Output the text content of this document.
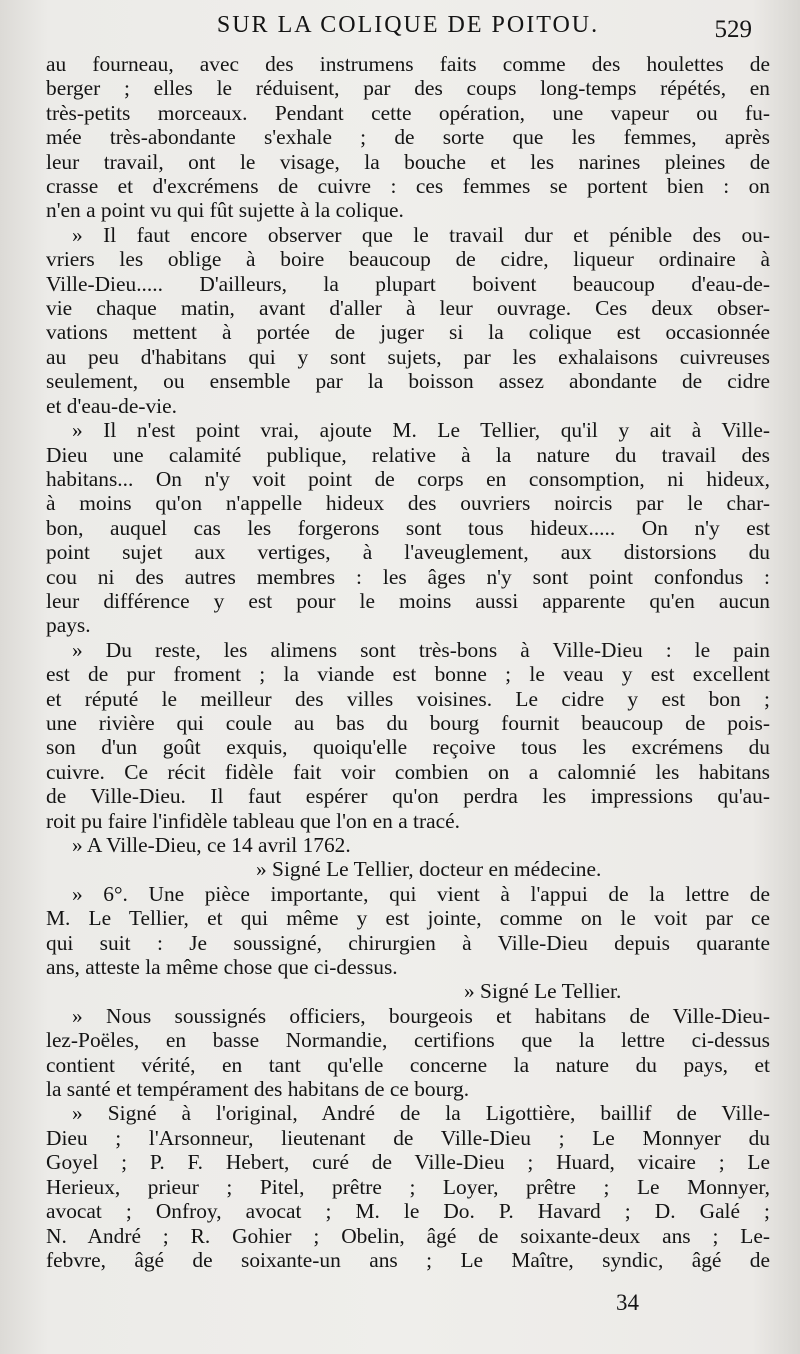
SUR LA COLIQUE DE POITOU.	529
au fourneau, avec des instrumens faits comme des houlettes de
berger ; elles le réduisent, par des coups long-temps répétés, en
très-petits morceaux. Pendant cette opération, une vapeur ou fu-
mée très-abondante s'exhale ; de sorte que les femmes, après
leur travail, ont le visage, la bouche et les narines pleines de
crasse et d'excrémens de cuivre : ces femmes se portent bien : on
n'en a point vu qui fût sujette à la colique.
» Il faut encore observer que le travail dur et pénible des ou-
vriers les oblige à boire beaucoup de cidre, liqueur ordinaire à
Ville-Dieu..... D'ailleurs, la plupart boivent beaucoup d'eau-de-
vie chaque matin, avant d'aller à leur ouvrage. Ces deux obser-
vations mettent à portée de juger si la colique est occasionnée
au peu d'habitans qui y sont sujets, par les exhalaisons cuivreuses
seulement, ou ensemble par la boisson assez abondante de cidre
et d'eau-de-vie.
» Il n'est point vrai, ajoute M. Le Tellier, qu'il y ait à Ville-
Dieu une calamité publique, relative à la nature du travail des
habitans... On n'y voit point de corps en consomption, ni hideux,
à moins qu'on n'appelle hideux des ouvriers noircis par le char-
bon, auquel cas les forgerons sont tous hideux..... On n'y est
point sujet aux vertiges, à l'aveuglement, aux distorsions du
cou ni des autres membres : les âges n'y sont point confondus :
leur différence y est pour le moins aussi apparente qu'en aucun
pays.
» Du reste, les alimens sont très-bons à Ville-Dieu : le pain
est de pur froment ; la viande est bonne ; le veau y est excellent
et réputé le meilleur des villes voisines. Le cidre y est bon ;
une rivière qui coule au bas du bourg fournit beaucoup de pois-
son d'un goût exquis, quoiqu'elle reçoive tous les excrémens du
cuivre. Ce récit fidèle fait voir combien on a calomnié les habitans
de Ville-Dieu. Il faut espérer qu'on perdra les impressions qu'au-
roit pu faire l'infidèle tableau que l'on en a tracé.
» A Ville-Dieu, ce 14 avril 1762.
» Signé Le Tellier, docteur en médecine.
» 6°. Une pièce importante, qui vient à l'appui de la lettre de
M. Le Tellier, et qui même y est jointe, comme on le voit par ce
qui suit : Je soussigné, chirurgien à Ville-Dieu depuis quarante
ans, atteste la même chose que ci-dessus.
» Signé Le Tellier.
» Nous soussignés officiers, bourgeois et habitans de Ville-Dieu-
lez-Poëles, en basse Normandie, certifions que la lettre ci-dessus
contient vérité, en tant qu'elle concerne la nature du pays, et
la santé et tempérament des habitans de ce bourg.
» Signé à l'original, André de la Ligottière, baillif de Ville-
Dieu ; l'Arsonneur, lieutenant de Ville-Dieu ; Le Monnyer du
Goyel ; P. F. Hebert, curé de Ville-Dieu ; Huard, vicaire ; Le
Herieux, prieur ; Pitel, prêtre ; Loyer, prêtre ; Le Monnyer,
avocat ; Onfroy, avocat ; M. le Do. P. Havard ; D. Galé ;
N. André ; R. Gohier ; Obelin, âgé de soixante-deux ans ; Le-
febvre, âgé de soixante-un ans ; Le Maître, syndic, âgé de
34
